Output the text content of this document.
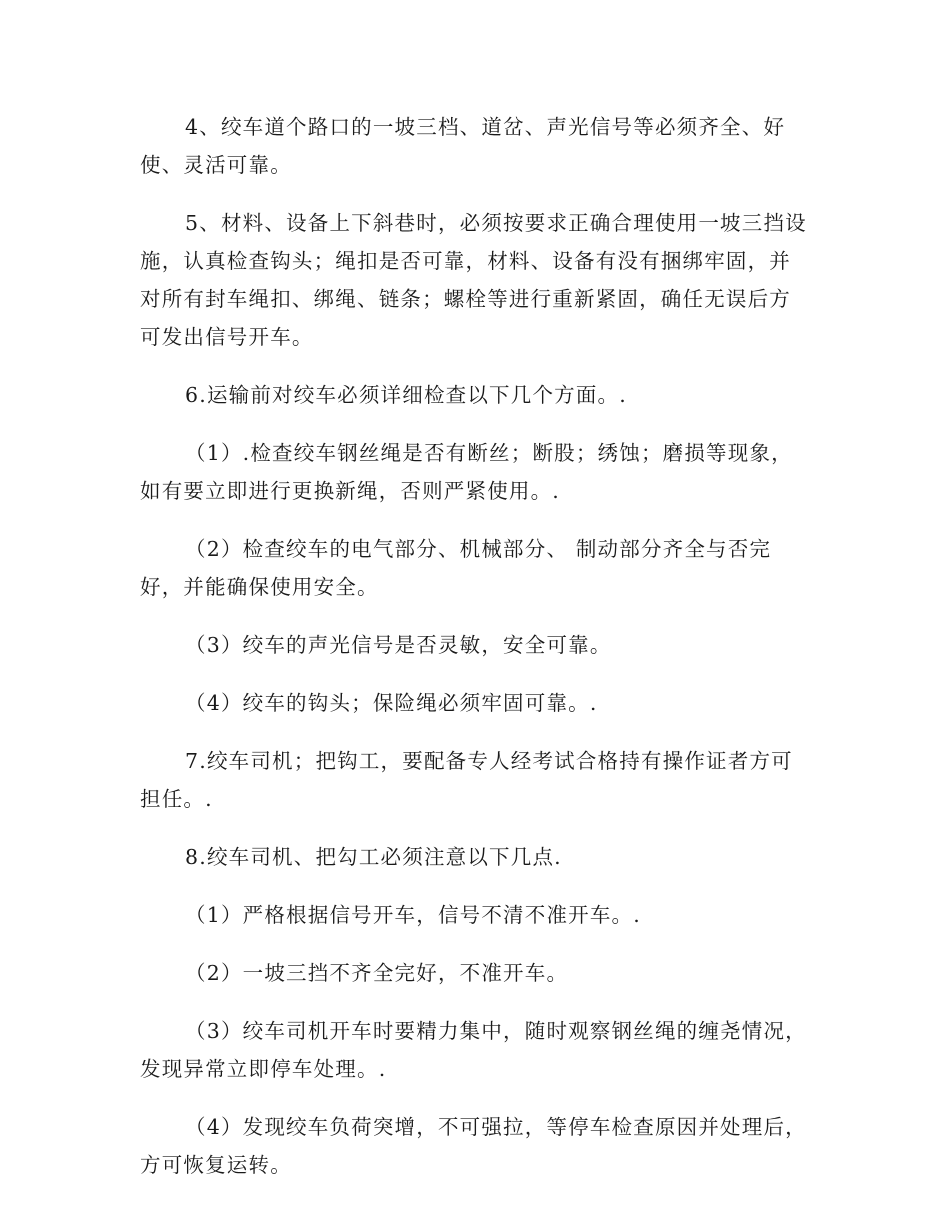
4、绞车道个路口的一坡三档、道岔、声光信号等必须齐全、好使、灵活可靠。

5、材料、设备上下斜巷时，必须按要求正确合理使用一坡三挡设施，认真检查钩头；绳扣是否可靠，材料、设备有没有捆绑牢固，并对所有封车绳扣、绑绳、链条；螺栓等进行重新紧固，确任无误后方可发出信号开车。

6.运输前对绞车必须详细检查以下几个方面。.

（1）.检查绞车钢丝绳是否有断丝；断股；绣蚀；磨损等现象，如有要立即进行更换新绳，否则严紧使用。.

（2）检查绞车的电气部分、机械部分、 制动部分齐全与否完好，并能确保使用安全。

（3）绞车的声光信号是否灵敏，安全可靠。

（4）绞车的钩头；保险绳必须牢固可靠。.

7.绞车司机；把钩工，要配备专人经考试合格持有操作证者方可担任。.

8.绞车司机、把勾工必须注意以下几点.

（1）严格根据信号开车，信号不清不准开车。.

（2）一坡三挡不齐全完好，不准开车。

（3）绞车司机开车时要精力集中，随时观察钢丝绳的缠尧情况，发现异常立即停车处理。.

（4）发现绞车负荷突增，不可强拉，等停车检查原因并处理后，方可恢复运转。
